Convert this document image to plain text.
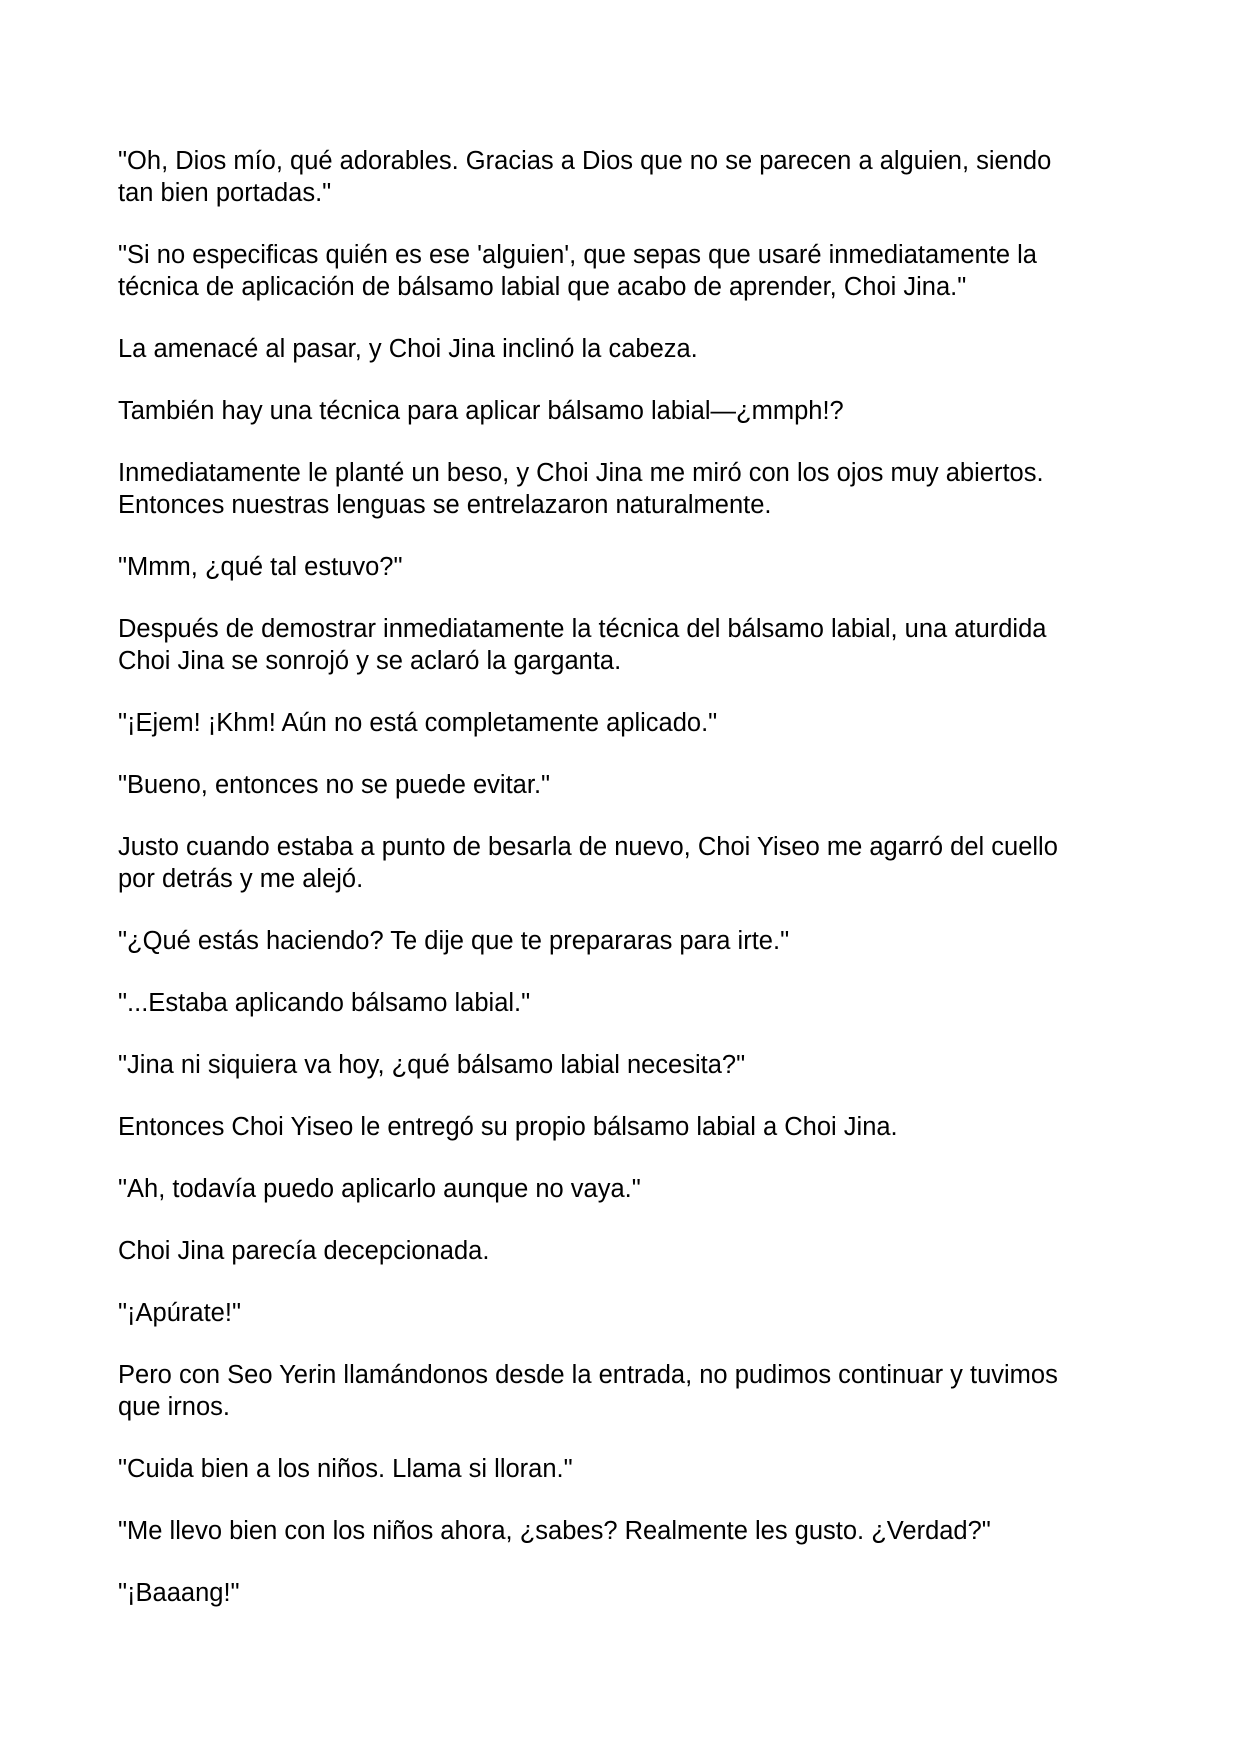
"Oh, Dios mío, qué adorables. Gracias a Dios que no se parecen a alguien, siendo
tan bien portadas."

"Si no especificas quién es ese 'alguien', que sepas que usaré inmediatamente la
técnica de aplicación de bálsamo labial que acabo de aprender, Choi Jina."

La amenacé al pasar, y Choi Jina inclinó la cabeza.

También hay una técnica para aplicar bálsamo labial—¿mmph!?

Inmediatamente le planté un beso, y Choi Jina me miró con los ojos muy abiertos.
Entonces nuestras lenguas se entrelazaron naturalmente.

"Mmm, ¿qué tal estuvo?"

Después de demostrar inmediatamente la técnica del bálsamo labial, una aturdida
Choi Jina se sonrojó y se aclaró la garganta.

"¡Ejem! ¡Khm! Aún no está completamente aplicado."

"Bueno, entonces no se puede evitar."

Justo cuando estaba a punto de besarla de nuevo, Choi Yiseo me agarró del cuello
por detrás y me alejó.

"¿Qué estás haciendo? Te dije que te prepararas para irte."

"...Estaba aplicando bálsamo labial."

"Jina ni siquiera va hoy, ¿qué bálsamo labial necesita?"

Entonces Choi Yiseo le entregó su propio bálsamo labial a Choi Jina.

"Ah, todavía puedo aplicarlo aunque no vaya."

Choi Jina parecía decepcionada.

"¡Apúrate!"

Pero con Seo Yerin llamándonos desde la entrada, no pudimos continuar y tuvimos
que irnos.

"Cuida bien a los niños. Llama si lloran."

"Me llevo bien con los niños ahora, ¿sabes? Realmente les gusto. ¿Verdad?"

"¡Baaang!"
